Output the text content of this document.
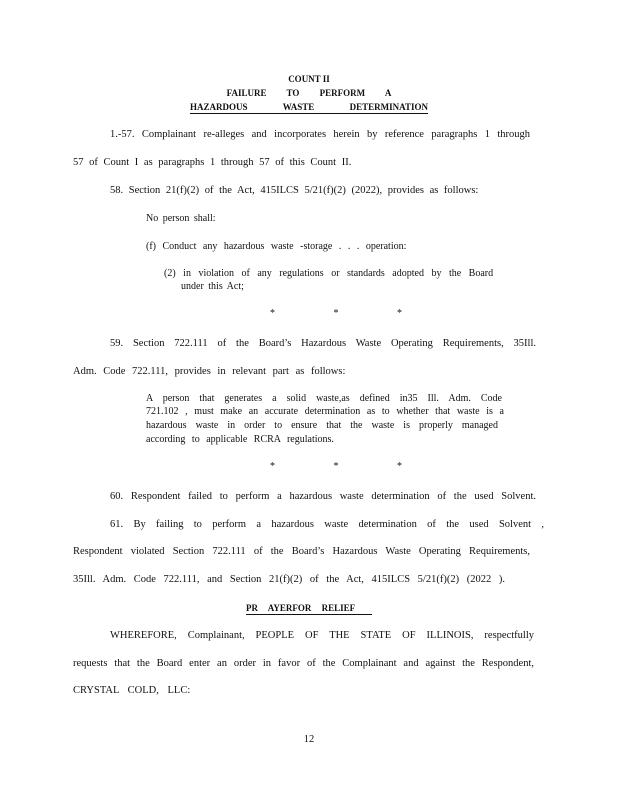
COUNT II
FAILURE TO PERFORM A
HAZARDOUS WASTE DETERMINATION
1.-57. Complainant re-alleges and incorporates herein by reference paragraphs 1 through
57 of Count I as paragraphs 1 through 57 of this Count II.
58. Section 21(f)(2) of the Act, 415ILCS 5/21(f)(2) (2022), provides as follows:
No person shall:
(f) Conduct any hazardous waste -storage . . . operation:
(2) in violation of any regulations or standards adopted by the Board
under this Act;
* * *
59. Section 722.111 of the Board’s Hazardous Waste Operating Requirements, 35Ill.
Adm. Code 722.111, provides in relevant part as follows:
A person that generates a solid waste,as defined in35 Ill. Adm. Code
721.102 , must make an accurate determination as to whether that waste is a
hazardous waste in order to ensure that the waste is properly managed
according to applicable RCRA regulations.
* * *
60. Respondent failed to perform a hazardous waste determination of the used Solvent.
61. By failing to perform a hazardous waste determination of the used Solvent ,
Respondent violated Section 722.111 of the Board’s Hazardous Waste Operating Requirements,
35Ill. Adm. Code 722.111, and Section 21(f)(2) of the Act, 415ILCS 5/21(f)(2) (2022 ).
PR AYERFOR RELIEF
WHEREFORE, Complainant, PEOPLE OF THE STATE OF ILLINOIS, respectfully
requests that the Board enter an order in favor of the Complainant and against the Respondent,
CRYSTAL COLD, LLC:
12
